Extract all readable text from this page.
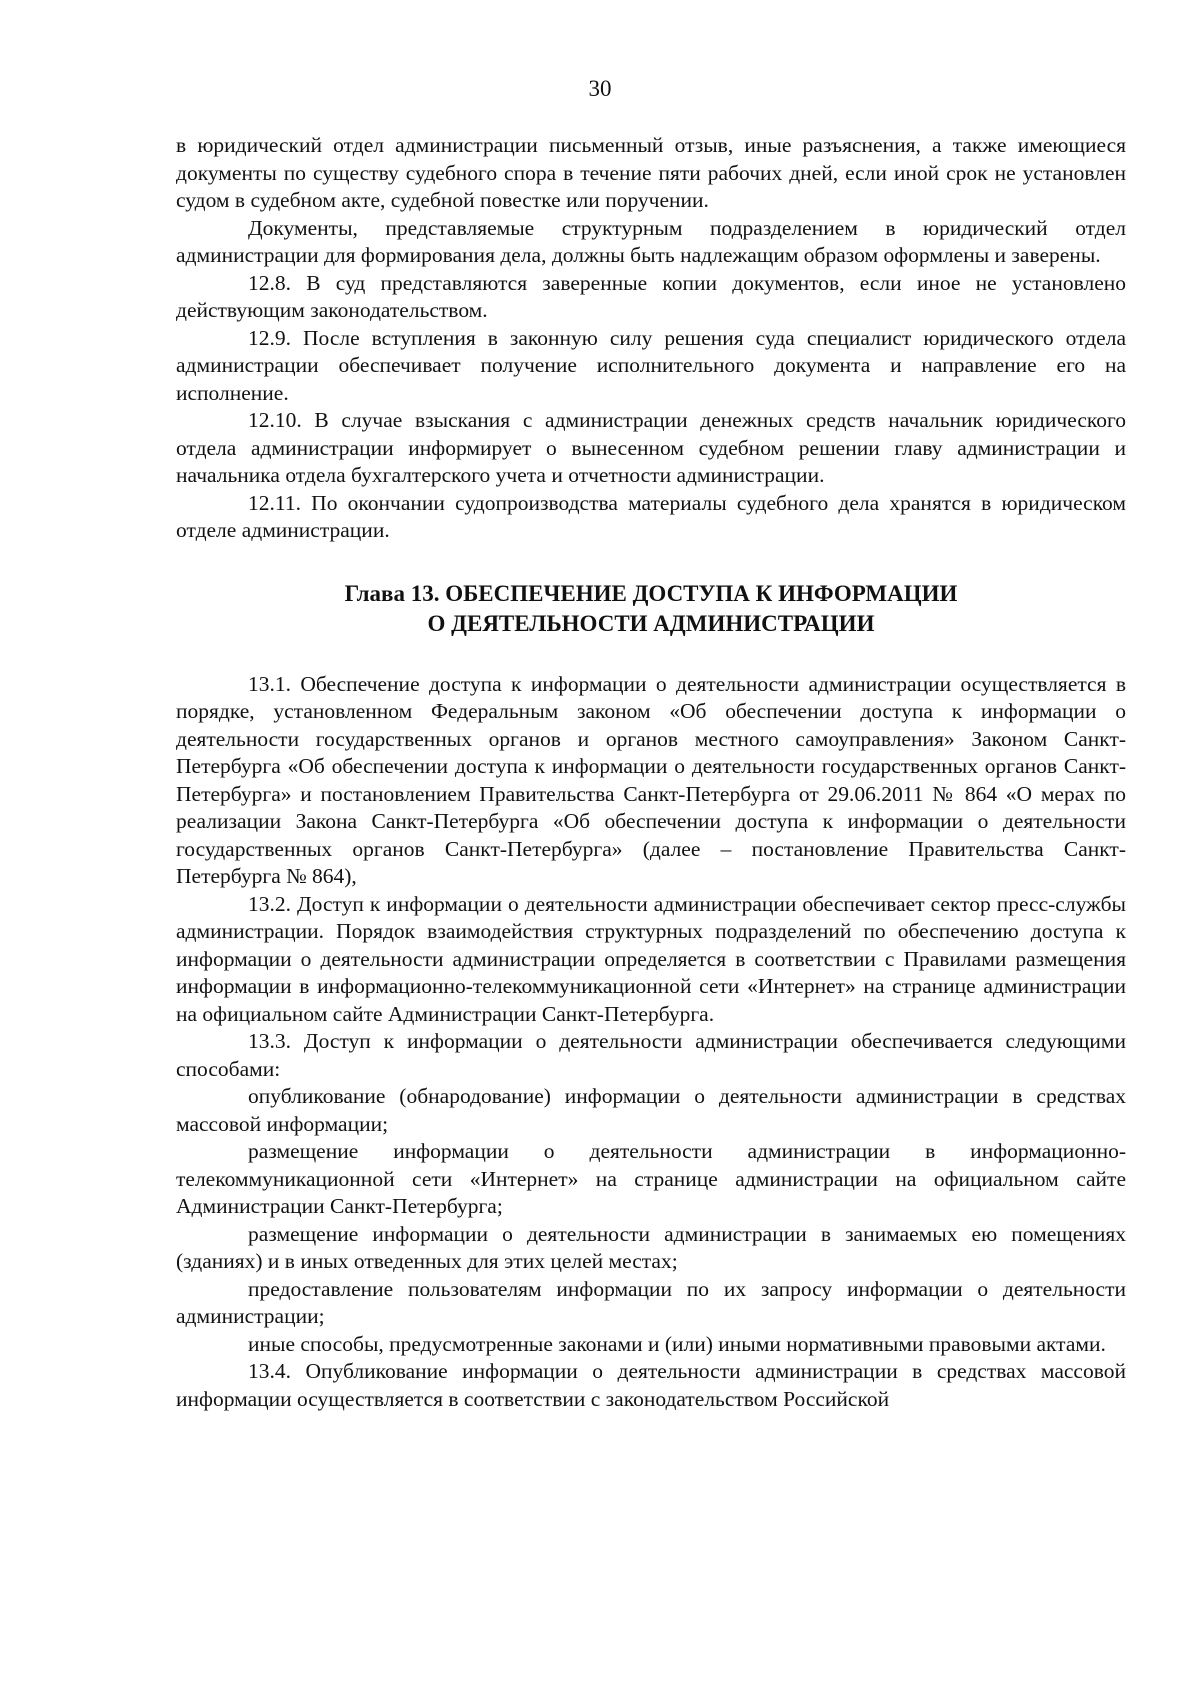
30

в юридический отдел администрации письменный отзыв, иные разъяснения, а также имеющиеся документы по существу судебного спора в течение пяти рабочих дней, если иной срок не установлен судом в судебном акте, судебной повестке или поручении.

Документы, представляемые структурным подразделением в юридический отдел администрации для формирования дела, должны быть надлежащим образом оформлены и заверены.

12.8. В суд представляются заверенные копии документов, если иное не установлено действующим законодательством.

12.9. После вступления в законную силу решения суда специалист юридического отдела администрации обеспечивает получение исполнительного документа и направление его на исполнение.

12.10. В случае взыскания с администрации денежных средств начальник юридического отдела администрации информирует о вынесенном судебном решении главу администрации и начальника отдела бухгалтерского учета и отчетности администрации.

12.11. По окончании судопроизводства материалы судебного дела хранятся в юридическом отделе администрации.

Глава 13. ОБЕСПЕЧЕНИЕ ДОСТУПА К ИНФОРМАЦИИ
О ДЕЯТЕЛЬНОСТИ АДМИНИСТРАЦИИ

13.1. Обеспечение доступа к информации о деятельности администрации осуществляется в порядке, установленном Федеральным законом «Об обеспечении доступа к информации о деятельности государственных органов и органов местного самоуправления» Законом Санкт-Петербурга «Об обеспечении доступа к информации о деятельности государственных органов Санкт-Петербурга» и постановлением Правительства Санкт-Петербурга от 29.06.2011 № 864 «О мерах по реализации Закона Санкт-Петербурга «Об обеспечении доступа к информации о деятельности государственных органов Санкт-Петербурга» (далее – постановление Правительства Санкт-Петербурга № 864),

13.2. Доступ к информации о деятельности администрации обеспечивает сектор пресс-службы администрации. Порядок взаимодействия структурных подразделений по обеспечению доступа к информации о деятельности администрации определяется в соответствии с Правилами размещения информации в информационно-телекоммуникационной сети «Интернет» на странице администрации на официальном сайте Администрации Санкт-Петербурга.

13.3. Доступ к информации о деятельности администрации обеспечивается следующими способами:

опубликование (обнародование) информации о деятельности администрации в средствах массовой информации;

размещение информации о деятельности администрации в информационно-телекоммуникационной сети «Интернет» на странице администрации на официальном сайте Администрации Санкт-Петербурга;

размещение информации о деятельности администрации в занимаемых ею помещениях (зданиях) и в иных отведенных для этих целей местах;

предоставление пользователям информации по их запросу информации о деятельности администрации;

иные способы, предусмотренные законами и (или) иными нормативными правовыми актами.

13.4. Опубликование информации о деятельности администрации в средствах массовой информации осуществляется в соответствии с законодательством Российской
